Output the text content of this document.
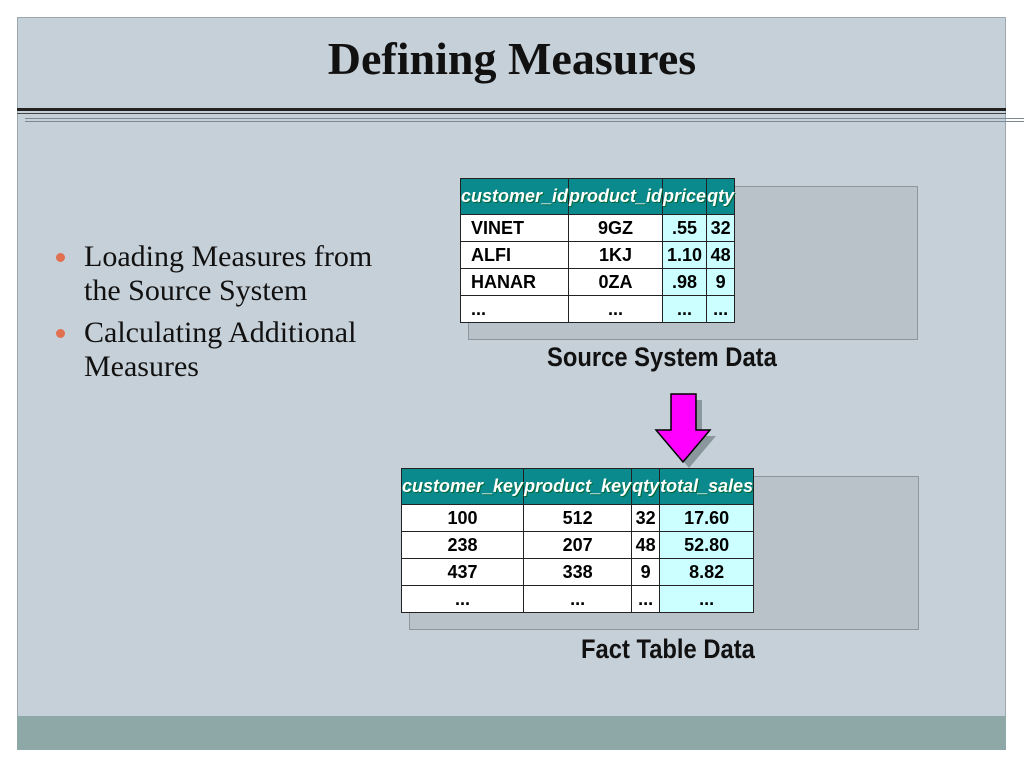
Defining Measures
Loading Measures from the Source System
Calculating Additional Measures
customer_id	product_id	price	qty
VINET	9GZ	.55	32
ALFI	1KJ	1.10	48
HANAR	0ZA	.98	9
...	...	...	...
Source System Data
customer_key	product_key	qty	total_sales
100	512	32	17.60
238	207	48	52.80
437	338	9	8.82
...	...	...	...
Fact Table Data
